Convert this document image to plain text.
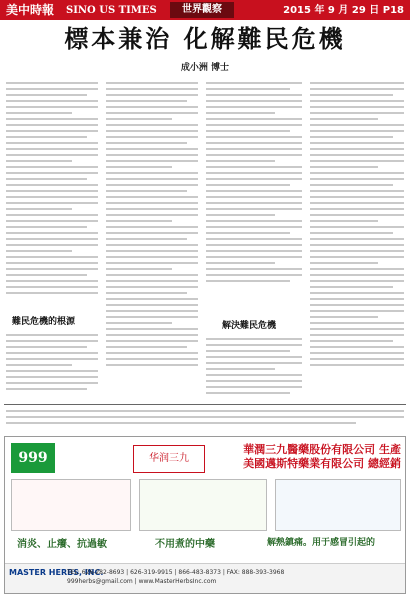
美中時報 SINO US TIMES	世界觀察	2015 年 9 月 29 日 P18
標本兼治 化解難民危機
成小洲 博士
難民危機的根源	解決難民危機
999	华润三九
華潤三九醫藥股份有限公司 生產
美國邁斯特藥業有限公司 總經銷
消炎、止癢、抗過敏	不用煮的中藥	解熱鎮痛。用于感冒引起的
MASTER HERBS, INC.
TEL: 626-282-8693 | 626-319-9915 | 866-483-8373 | FAX: 888-393-3968
999herbs@gmail.com | www.MasterHerbsInc.com
